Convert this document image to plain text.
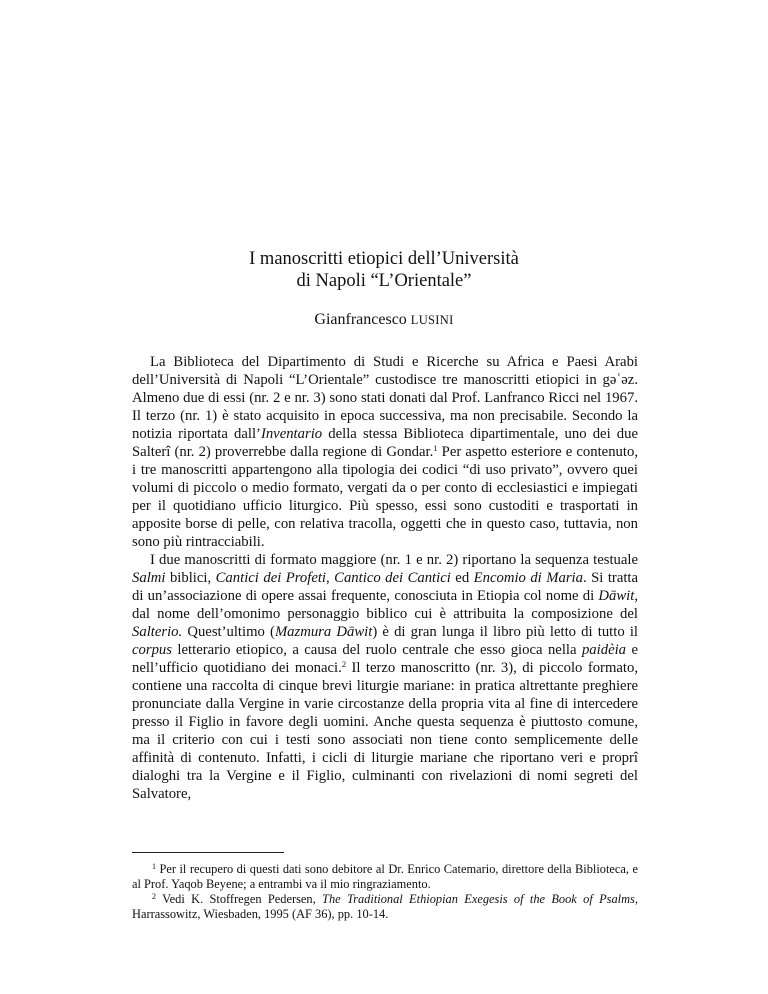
I manoscritti etiopici dell’Università
di Napoli “L’Orientale”

Gianfrancesco LUSINI

La Biblioteca del Dipartimento di Studi e Ricerche su Africa e Paesi Arabi dell’Università di Napoli “L’Orientale” custodisce tre manoscritti etiopici in gəʿəz. Almeno due di essi (nr. 2 e nr. 3) sono stati donati dal Prof. Lanfranco Ricci nel 1967. Il terzo (nr. 1) è stato acquisito in epoca successiva, ma non precisabile. Secondo la notizia riportata dall’Inventario della stessa Biblioteca dipartimentale, uno dei due Salterî (nr. 2) proverrebbe dalla regione di Gondar.$^1$ Per aspetto esteriore e contenuto, i tre manoscritti appartengono alla tipologia dei codici “di uso privato”, ovvero quei volumi di piccolo o medio formato, vergati da o per conto di ecclesiastici e impiegati per il quotidiano ufficio liturgico. Più spesso, essi sono custoditi e trasportati in apposite borse di pelle, con relativa tracolla, oggetti che in questo caso, tuttavia, non sono più rintracciabili.

I due manoscritti di formato maggiore (nr. 1 e nr. 2) riportano la sequenza testuale Salmi biblici, Cantici dei Profeti, Cantico dei Cantici ed Encomio di Maria. Si tratta di un’associazione di opere assai frequente, conosciuta in Etiopia col nome di Dāwit, dal nome dell’omonimo personaggio biblico cui è attribuita la composizione del Salterio. Quest’ultimo (Mazmura Dāwit) è di gran lunga il libro più letto di tutto il corpus letterario etiopico, a causa del ruolo centrale che esso gioca nella paidèia e nell’ufficio quotidiano dei monaci.$^2$ Il terzo manoscritto (nr. 3), di piccolo formato, contiene una raccolta di cinque brevi liturgie mariane: in pratica altrettante preghiere pronunciate dalla Vergine in varie circostanze della propria vita al fine di intercedere presso il Figlio in favore degli uomini. Anche questa sequenza è piuttosto comune, ma il criterio con cui i testi sono associati non tiene conto semplicemente delle affinità di contenuto. Infatti, i cicli di liturgie mariane che riportano veri e proprî dialoghi tra la Vergine e il Figlio, culminanti con rivelazioni di nomi segreti del Salvatore,

$^1$ Per il recupero di questi dati sono debitore al Dr. Enrico Catemario, direttore della Biblioteca, e al Prof. Yaqob Beyene; a entrambi va il mio ringraziamento.

$^2$ Vedi K. Stoffregen Pedersen, The Traditional Ethiopian Exegesis of the Book of Psalms, Harrassowitz, Wiesbaden, 1995 (AF 36), pp. 10-14.
